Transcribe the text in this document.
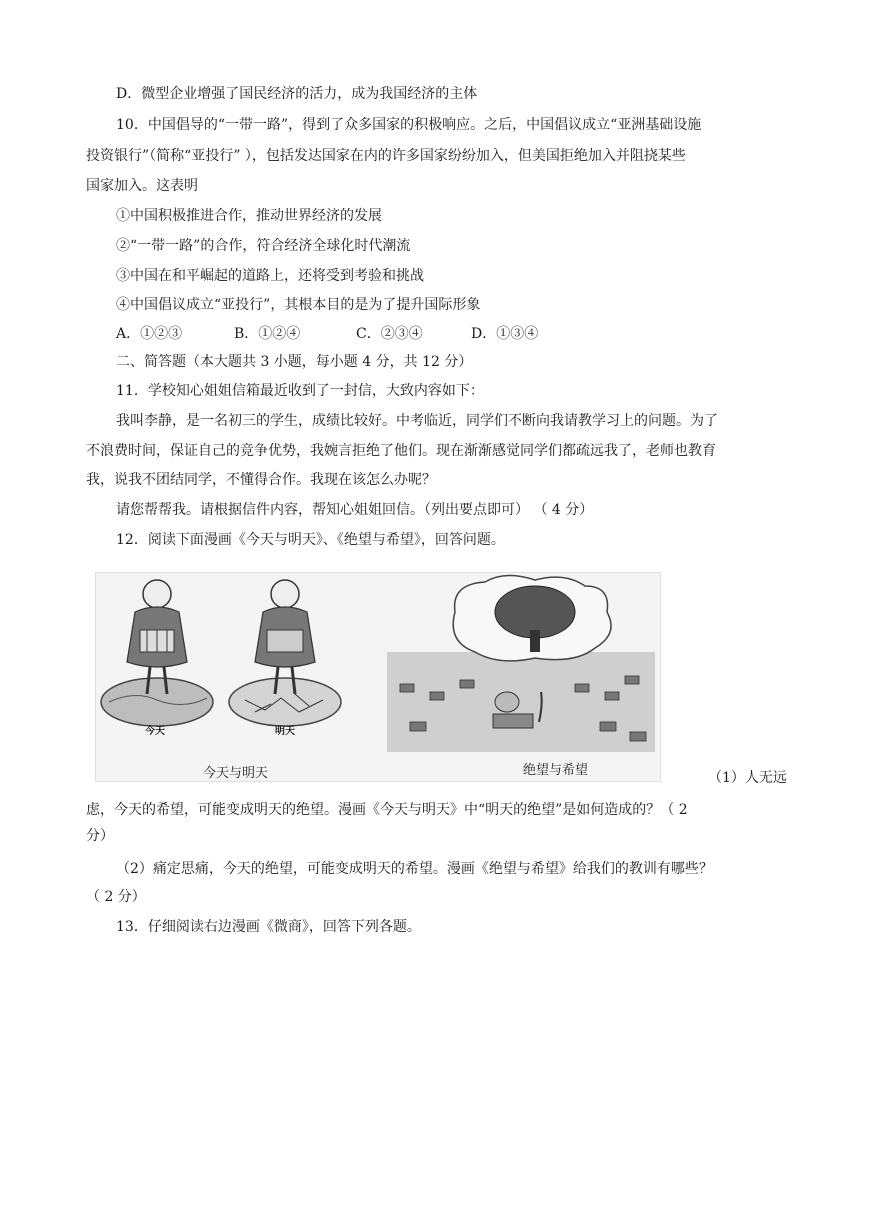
D．微型企业增强了国民经济的活力，成为我国经济的主体
10．中国倡导的“一带一路”，得到了众多国家的积极响应。之后，中国倡议成立“亚洲基础设施
投资银行”（简称“亚投行” ），包括发达国家在内的许多国家纷纷加入，但美国拒绝加入并阻挠某些
国家加入。这表明
①中国积极推进合作，推动世界经济的发展
②“一带一路”的合作，符合经济全球化时代潮流
③中国在和平崛起的道路上，还将受到考验和挑战
④中国倡议成立“亚投行”，其根本目的是为了提升国际形象
A．①②③	B．①②④	C．②③④	D．①③④
二、简答题（本大题共 3 小题，每小题 4 分，共 12 分）
11．学校知心姐姐信箱最近收到了一封信，大致内容如下：
我叫李静，是一名初三的学生，成绩比较好。中考临近，同学们不断向我请教学习上的问题。为了
不浪费时间，保证自己的竞争优势，我婉言拒绝了他们。现在渐渐感觉同学们都疏远我了，老师也教育
我，说我不团结同学，不懂得合作。我现在该怎么办呢？
请您帮帮我。请根据信件内容，帮知心姐姐回信。（列出要点即可） （ 4 分）
12．阅读下面漫画《今天与明天》、《绝望与希望》，回答问题。
今天	明天
今天与明天	绝望与希望	（1）人无远
虑，今天的希望，可能变成明天的绝望。漫画《今天与明天》中“明天的绝望”是如何造成的？（ 2
分）
（2）痛定思痛，今天的绝望，可能变成明天的希望。漫画《绝望与希望》给我们的教训有哪些？
（ 2 分）
13．仔细阅读右边漫画《微商》，回答下列各题。
